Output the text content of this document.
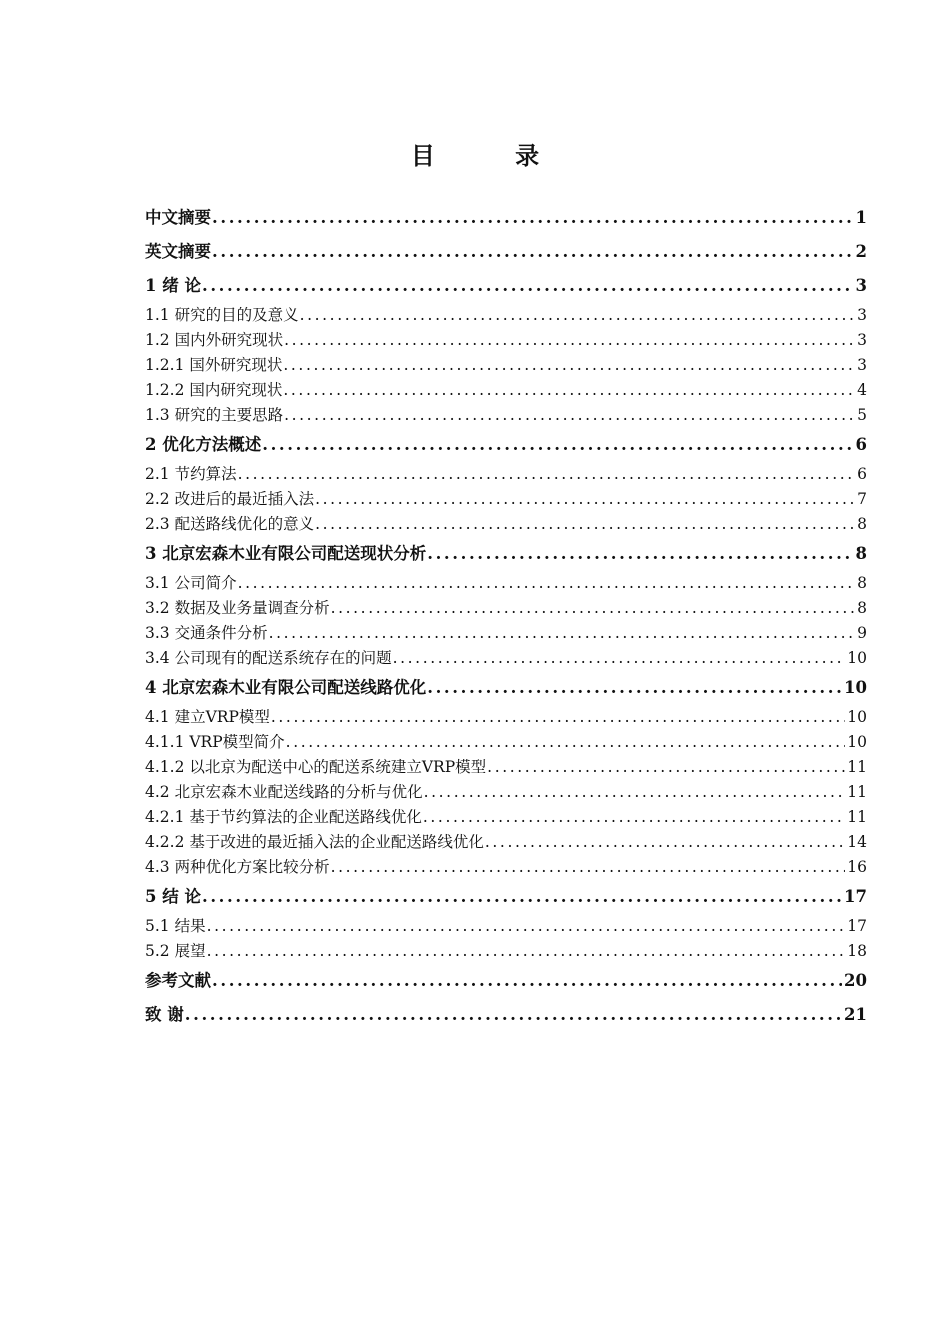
目 录
中文摘要 .....	1
英文摘要 .....	2
1 绪 论 .....	3
1.1 研究的目的及意义 .....	3
1.2 国内外研究现状 .....	3
1.2.1 国外研究现状 .....	3
1.2.2 国内研究现状 .....	4
1.3 研究的主要思路 .....	5
2 优化方法概述 .....	6
2.1 节约算法 .....	6
2.2 改进后的最近插入法 .....	7
2.3 配送路线优化的意义 .....	8
3 北京宏森木业有限公司配送现状分析 .....	8
3.1 公司简介 .....	8
3.2 数据及业务量调查分析 .....	8
3.3 交通条件分析 .....	9
3.4 公司现有的配送系统存在的问题 .....	10
4 北京宏森木业有限公司配送线路优化 .....	10
4.1 建立VRP模型 .....	10
4.1.1 VRP模型简介 .....	10
4.1.2 以北京为配送中心的配送系统建立VRP模型 .....	11
4.2 北京宏森木业配送线路的分析与优化 .....	11
4.2.1 基于节约算法的企业配送路线优化 .....	11
4.2.2 基于改进的最近插入法的企业配送路线优化 .....	14
4.3 两种优化方案比较分析 .....	16
5 结 论 .....	17
5.1 结果 .....	17
5.2 展望 .....	18
参考文献 .....	20
致 谢 .....	21
